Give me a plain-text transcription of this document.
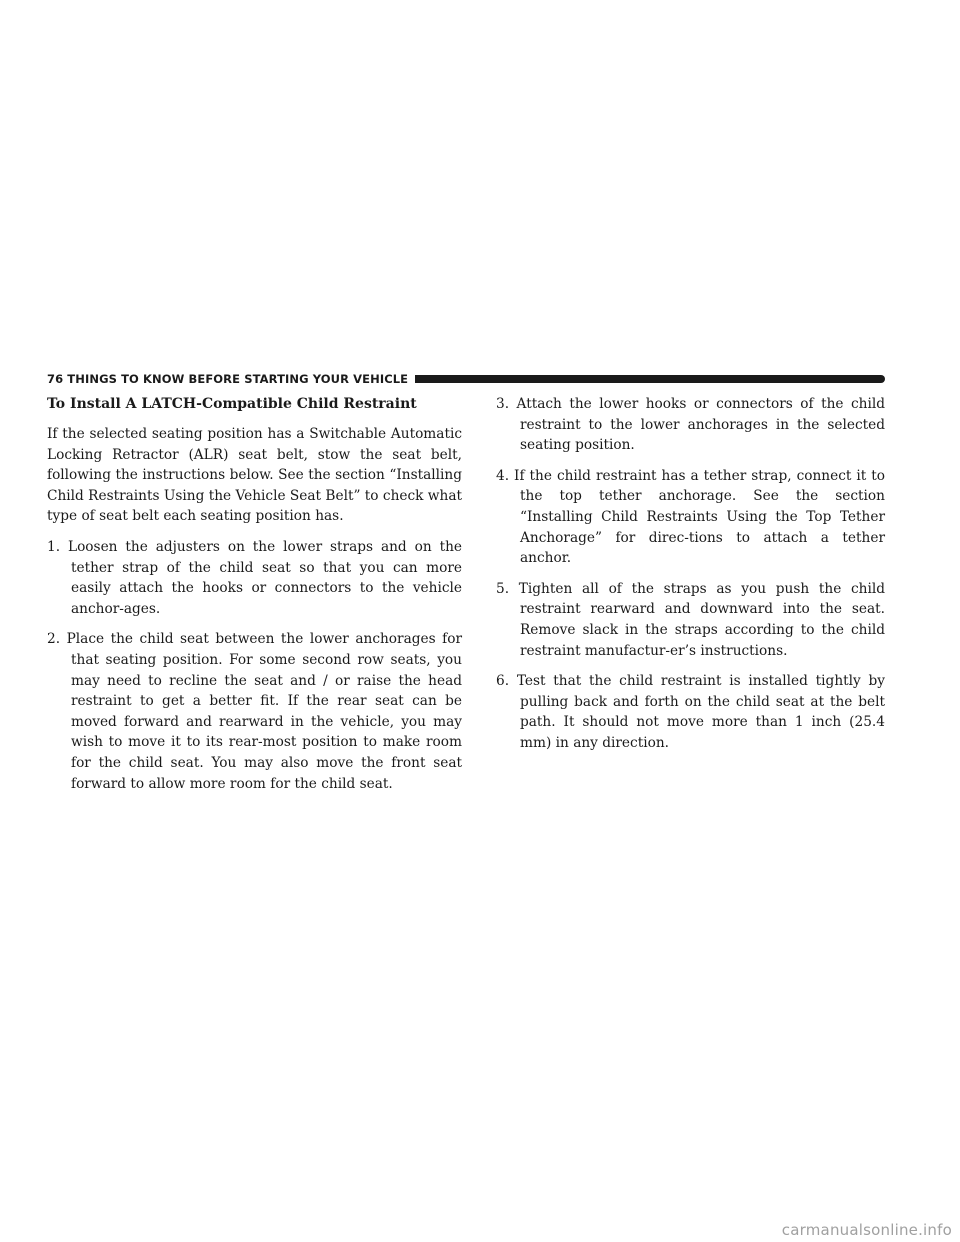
76 THINGS TO KNOW BEFORE STARTING YOUR VEHICLE
To Install A LATCH-Compatible Child Restraint

If the selected seating position has a Switchable Automatic Locking Retractor (ALR) seat belt, stow the seat belt, following the instructions below. See the section “Installing Child Restraints Using the Vehicle Seat Belt” to check what type of seat belt each seating position has.

1. Loosen the adjusters on the lower straps and on the tether strap of the child seat so that you can more easily attach the hooks or connectors to the vehicle anchor-ages.
2. Place the child seat between the lower anchorages for that seating position. For some second row seats, you may need to recline the seat and / or raise the head restraint to get a better fit. If the rear seat can be moved forward and rearward in the vehicle, you may wish to move it to its rear-most position to make room for the child seat. You may also move the front seat forward to allow more room for the child seat.
3. Attach the lower hooks or connectors of the child restraint to the lower anchorages in the selected seating position.
4. If the child restraint has a tether strap, connect it to the top tether anchorage. See the section “Installing Child Restraints Using the Top Tether Anchorage” for direc-tions to attach a tether anchor.
5. Tighten all of the straps as you push the child restraint rearward and downward into the seat. Remove slack in the straps according to the child restraint manufactur-er’s instructions.
6. Test that the child restraint is installed tightly by pulling back and forth on the child seat at the belt path. It should not move more than 1 inch (25.4 mm) in any direction.
carmanualsonline.info
